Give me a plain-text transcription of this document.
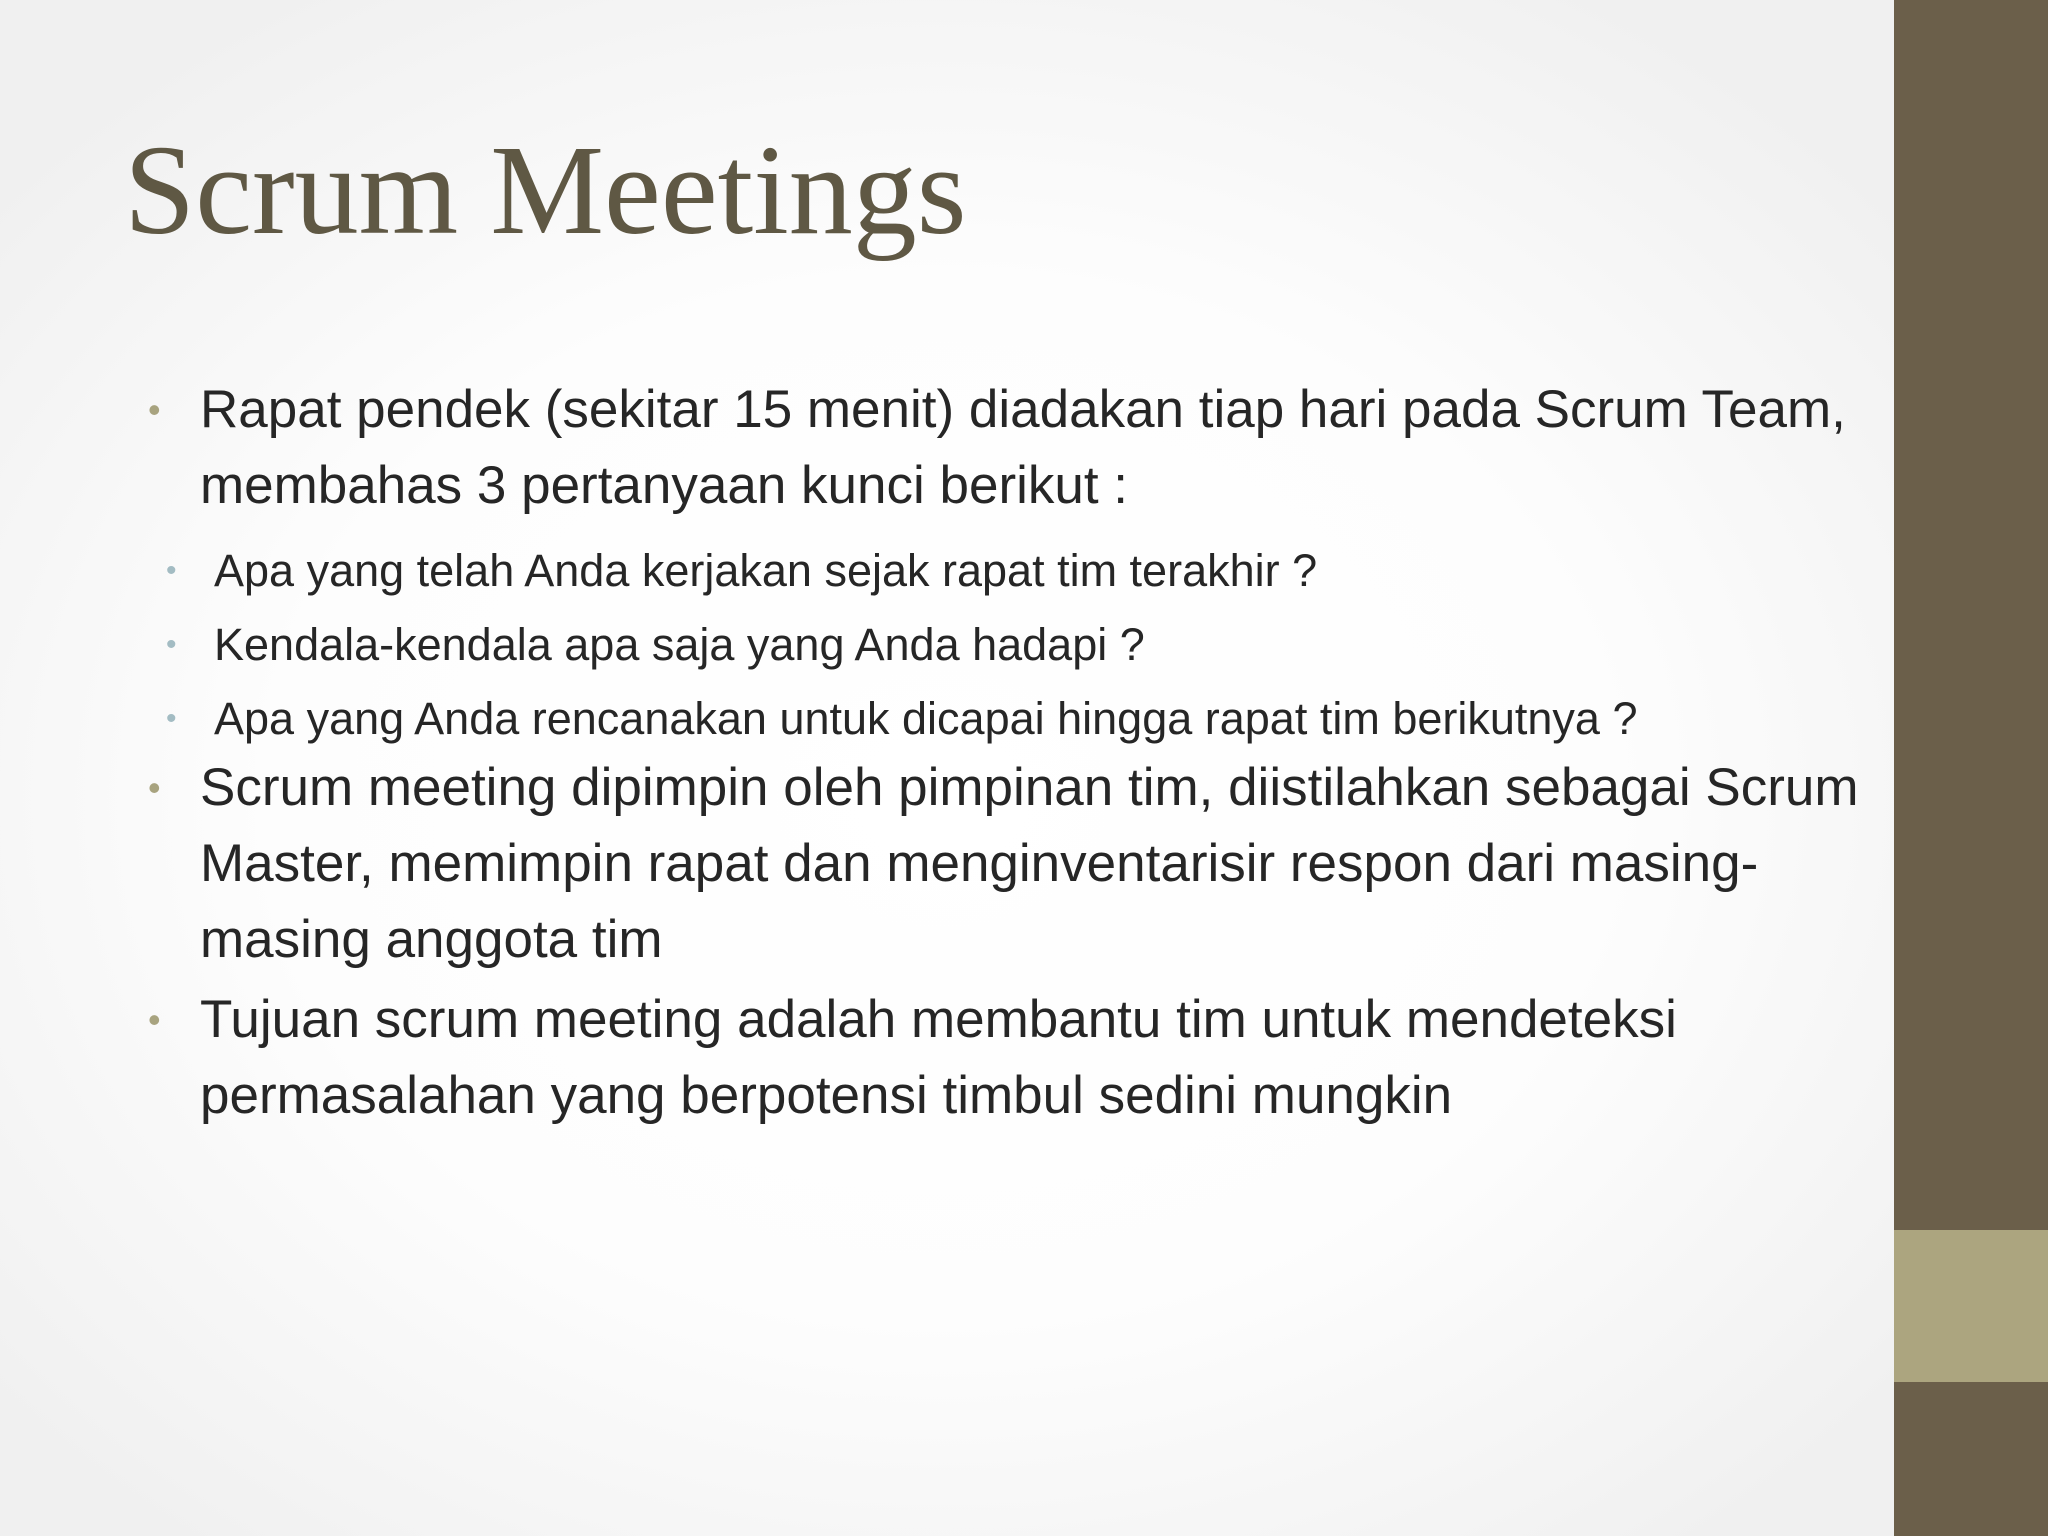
Scrum Meetings
• Rapat pendek (sekitar 15 menit) diadakan tiap hari pada Scrum Team, membahas 3 pertanyaan kunci berikut :
• Apa yang telah Anda kerjakan sejak rapat tim terakhir ?
• Kendala-kendala apa saja yang Anda hadapi ?
• Apa yang Anda rencanakan untuk dicapai hingga rapat tim berikutnya ?
• Scrum meeting dipimpin oleh pimpinan tim, diistilahkan sebagai Scrum Master, memimpin rapat dan menginventarisir respon dari masing-masing anggota tim
• Tujuan scrum meeting adalah membantu tim untuk mendeteksi permasalahan yang berpotensi timbul sedini mungkin
